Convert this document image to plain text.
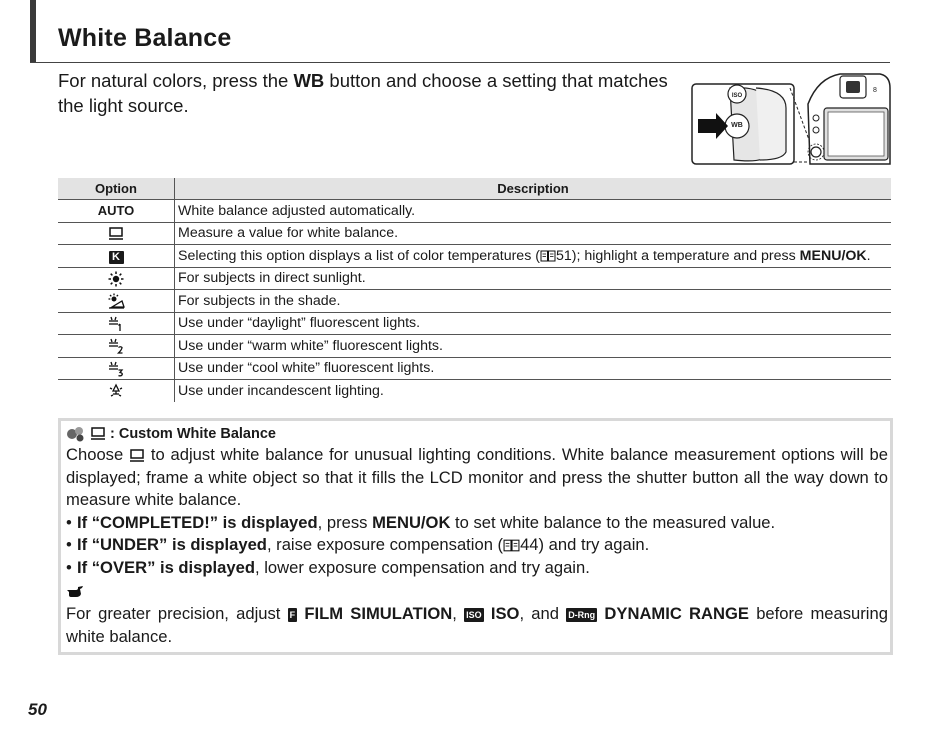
White Balance

For natural colors, press the WB button and choose a setting that matches the light source.	ISO
WB
8
Option	Description
AUTO	White balance adjusted automatically.
	Measure a value for white balance.
K	Selecting this option displays a list of color temperatures ( 51); highlight a temperature and press MENU/OK.
	For subjects in direct sunlight.
	For subjects in the shade.
	Use under “daylight” fluorescent lights.
	Use under “warm white” fluorescent lights.
	Use under “cool white” fluorescent lights.
	Use under incandescent lighting.
: Custom White Balance

Choose  to adjust white balance for unusual lighting conditions. White balance measurement options will be displayed; frame a white object so that it fills the LCD monitor and press the shutter button all the way down to measure white balance.

• If “COMPLETED!” is displayed, press MENU/OK to set white balance to the measured value.
• If “UNDER” is displayed, raise exposure compensation ( 44) and try again.
• If “OVER” is displayed, lower exposure compensation and try again.

For greater precision, adjust F FILM SIMULATION, ISO ISO, and D-Rng DYNAMIC RANGE before measuring white balance.

50
